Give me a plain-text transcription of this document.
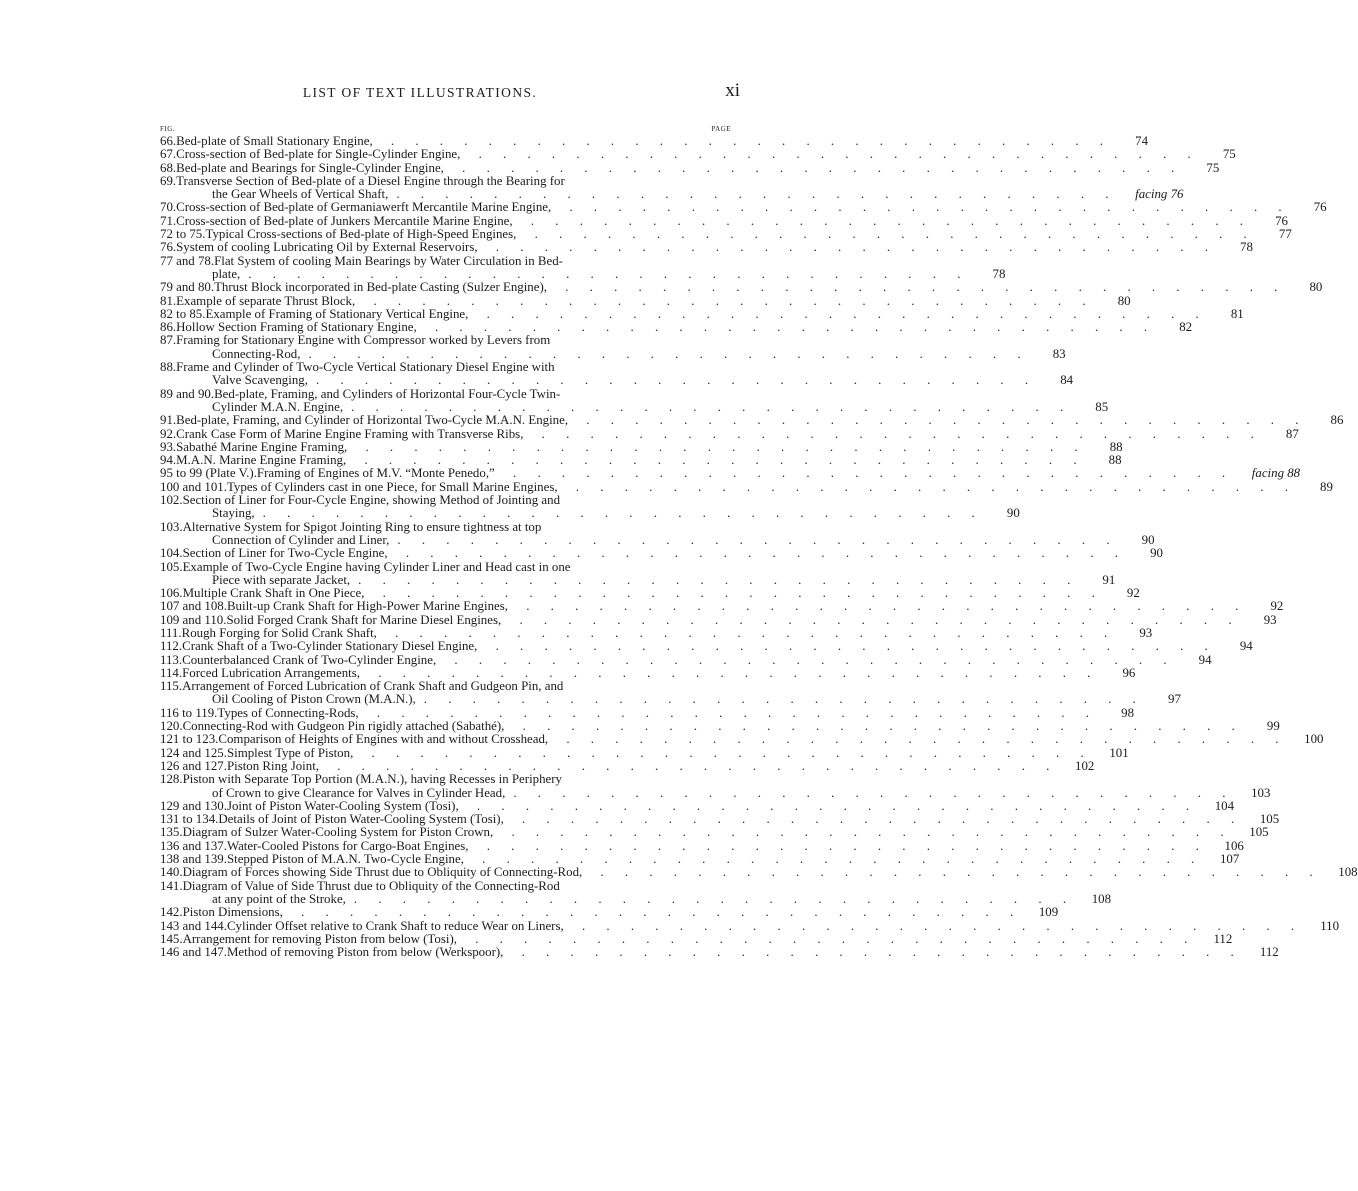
LIST OF TEXT ILLUSTRATIONS.	xi
FIG.	PAGE
66. Bed-plate of Small Stationary Engine, . . . . . . . . . . . . . . . . . . . . . . . . . . . . . .	74
67. Cross-section of Bed-plate for Single-Cylinder Engine, . . . . . . . . . . . . . . . . . . . . . . . . . . . . . .	75
68. Bed-plate and Bearings for Single-Cylinder Engine, . . . . . . . . . . . . . . . . . . . . . . . . . . . . . .	75
69. Transverse Section of Bed-plate of a Diesel Engine through the Bearing for
the Gear Wheels of Vertical Shaft, . . . . . . . . . . . . . . . . . . . . . . . . . . . . . .	facing 76
70. Cross-section of Bed-plate of Germaniawerft Mercantile Marine Engine, . . . . . . . . . . . . . . . . . . . . . . . . . . . . . .	76
71. Cross-section of Bed-plate of Junkers Mercantile Marine Engine, . . . . . . . . . . . . . . . . . . . . . . . . . . . . . .	76
72 to 75. Typical Cross-sections of Bed-plate of High-Speed Engines, . . . . . . . . . . . . . . . . . . . . . . . . . . . . . .	77
76. System of cooling Lubricating Oil by External Reservoirs, . . . . . . . . . . . . . . . . . . . . . . . . . . . . . .	78
77 and 78. Flat System of cooling Main Bearings by Water Circulation in Bed-
plate, . . . . . . . . . . . . . . . . . . . . . . . . . . . . . .	78
79 and 80. Thrust Block incorporated in Bed-plate Casting (Sulzer Engine), . . . . . . . . . . . . . . . . . . . . . . . . . . . . . .	80
81. Example of separate Thrust Block, . . . . . . . . . . . . . . . . . . . . . . . . . . . . . .	80
82 to 85. Example of Framing of Stationary Vertical Engine, . . . . . . . . . . . . . . . . . . . . . . . . . . . . . .	81
86. Hollow Section Framing of Stationary Engine, . . . . . . . . . . . . . . . . . . . . . . . . . . . . . .	82
87. Framing for Stationary Engine with Compressor worked by Levers from
Connecting-Rod, . . . . . . . . . . . . . . . . . . . . . . . . . . . . . .	83
88. Frame and Cylinder of Two-Cycle Vertical Stationary Diesel Engine with
Valve Scavenging, . . . . . . . . . . . . . . . . . . . . . . . . . . . . . .	84
89 and 90. Bed-plate, Framing, and Cylinders of Horizontal Four-Cycle Twin-
Cylinder M.A.N. Engine, . . . . . . . . . . . . . . . . . . . . . . . . . . . . . .	85
91. Bed-plate, Framing, and Cylinder of Horizontal Two-Cycle M.A.N. Engine, . . . . . . . . . . . . . . . . . . . . . . . . . . . . . .	86
92. Crank Case Form of Marine Engine Framing with Transverse Ribs, . . . . . . . . . . . . . . . . . . . . . . . . . . . . . .	87
93. Sabathé Marine Engine Framing, . . . . . . . . . . . . . . . . . . . . . . . . . . . . . .	88
94. M.A.N. Marine Engine Framing, . . . . . . . . . . . . . . . . . . . . . . . . . . . . . .	88
95 to 99 (Plate V.). Framing of Engines of M.V. “Monte Penedo,” . . . . . . . . . . . . . . . . . . . . . . . . . . . . . .	facing 88
100 and 101. Types of Cylinders cast in one Piece, for Small Marine Engines, . . . . . . . . . . . . . . . . . . . . . . . . . . . . . .	89
102. Section of Liner for Four-Cycle Engine, showing Method of Jointing and
Staying, . . . . . . . . . . . . . . . . . . . . . . . . . . . . . .	90
103. Alternative System for Spigot Jointing Ring to ensure tightness at top
Connection of Cylinder and Liner, . . . . . . . . . . . . . . . . . . . . . . . . . . . . . .	90
104. Section of Liner for Two-Cycle Engine, . . . . . . . . . . . . . . . . . . . . . . . . . . . . . .	90
105. Example of Two-Cycle Engine having Cylinder Liner and Head cast in one
Piece with separate Jacket, . . . . . . . . . . . . . . . . . . . . . . . . . . . . . .	91
106. Multiple Crank Shaft in One Piece, . . . . . . . . . . . . . . . . . . . . . . . . . . . . . .	92
107 and 108. Built-up Crank Shaft for High-Power Marine Engines, . . . . . . . . . . . . . . . . . . . . . . . . . . . . . .	92
109 and 110. Solid Forged Crank Shaft for Marine Diesel Engines, . . . . . . . . . . . . . . . . . . . . . . . . . . . . . .	93
111. Rough Forging for Solid Crank Shaft, . . . . . . . . . . . . . . . . . . . . . . . . . . . . . .	93
112. Crank Shaft of a Two-Cylinder Stationary Diesel Engine, . . . . . . . . . . . . . . . . . . . . . . . . . . . . . .	94
113. Counterbalanced Crank of Two-Cylinder Engine, . . . . . . . . . . . . . . . . . . . . . . . . . . . . . .	94
114. Forced Lubrication Arrangements, . . . . . . . . . . . . . . . . . . . . . . . . . . . . . .	96
115. Arrangement of Forced Lubrication of Crank Shaft and Gudgeon Pin, and
Oil Cooling of Piston Crown (M.A.N.), . . . . . . . . . . . . . . . . . . . . . . . . . . . . . .	97
116 to 119. Types of Connecting-Rods, . . . . . . . . . . . . . . . . . . . . . . . . . . . . . .	98
120. Connecting-Rod with Gudgeon Pin rigidly attached (Sabathé), . . . . . . . . . . . . . . . . . . . . . . . . . . . . . .	99
121 to 123. Comparison of Heights of Engines with and without Crosshead, . . . . . . . . . . . . . . . . . . . . . . . . . . . . . .	100
124 and 125. Simplest Type of Piston, . . . . . . . . . . . . . . . . . . . . . . . . . . . . . .	101
126 and 127. Piston Ring Joint, . . . . . . . . . . . . . . . . . . . . . . . . . . . . . .	102
128. Piston with Separate Top Portion (M.A.N.), having Recesses in Periphery
of Crown to give Clearance for Valves in Cylinder Head, . . . . . . . . . . . . . . . . . . . . . . . . . . . . . .	103
129 and 130. Joint of Piston Water-Cooling System (Tosi), . . . . . . . . . . . . . . . . . . . . . . . . . . . . . .	104
131 to 134. Details of Joint of Piston Water-Cooling System (Tosi), . . . . . . . . . . . . . . . . . . . . . . . . . . . . . .	105
135. Diagram of Sulzer Water-Cooling System for Piston Crown, . . . . . . . . . . . . . . . . . . . . . . . . . . . . . .	105
136 and 137. Water-Cooled Pistons for Cargo-Boat Engines, . . . . . . . . . . . . . . . . . . . . . . . . . . . . . .	106
138 and 139. Stepped Piston of M.A.N. Two-Cycle Engine, . . . . . . . . . . . . . . . . . . . . . . . . . . . . . .	107
140. Diagram of Forces showing Side Thrust due to Obliquity of Connecting-Rod, . . . . . . . . . . . . . . . . . . . . . . . . . . . . . .	108
141. Diagram of Value of Side Thrust due to Obliquity of the Connecting-Rod
at any point of the Stroke, . . . . . . . . . . . . . . . . . . . . . . . . . . . . . .	108
142. Piston Dimensions, . . . . . . . . . . . . . . . . . . . . . . . . . . . . . .	109
143 and 144. Cylinder Offset relative to Crank Shaft to reduce Wear on Liners, . . . . . . . . . . . . . . . . . . . . . . . . . . . . . .	110
145. Arrangement for removing Piston from below (Tosi), . . . . . . . . . . . . . . . . . . . . . . . . . . . . . .	112
146 and 147. Method of removing Piston from below (Werkspoor), . . . . . . . . . . . . . . . . . . . . . . . . . . . . . .	112
